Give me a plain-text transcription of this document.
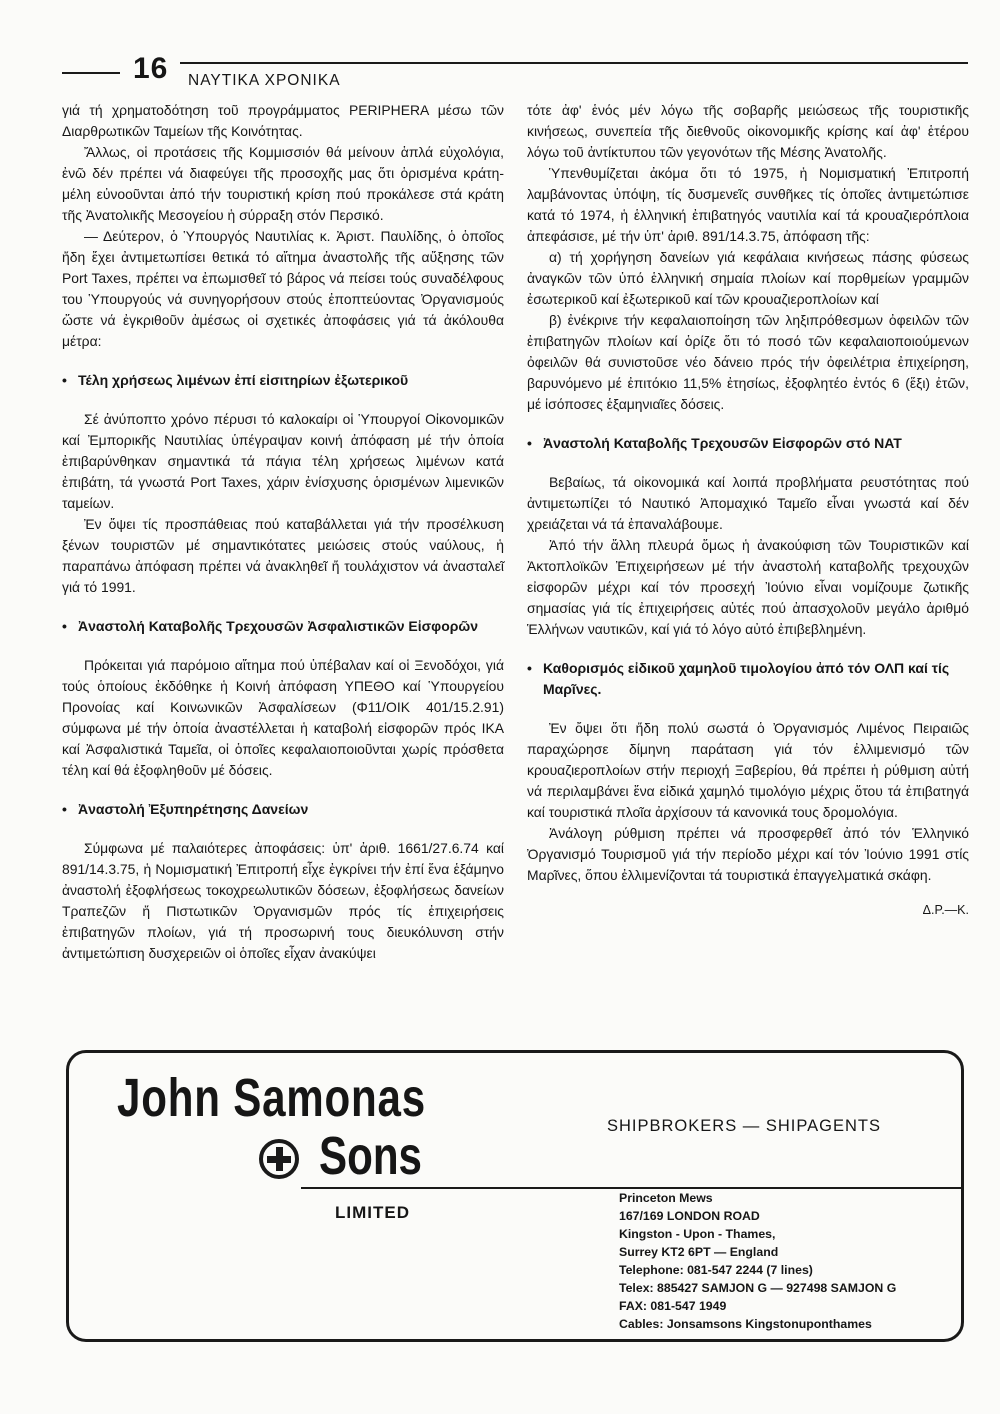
16 ΝΑΥΤΙΚΑ ΧΡΟΝΙΚΑ

γιά τή χρηματοδότηση τοῦ προγράμματος PERIPHERA μέσω τῶν Διαρθρωτικῶν Ταμείων τῆς Κοινότητας.

Ἄλλως, οἱ προτάσεις τῆς Κομμισσιόν θά μείνουν ἁπλά εὐχολόγια, ἐνῶ δέν πρέπει νά διαφεύγει τῆς προσοχῆς μας ὅτι ὁρισμένα κράτη-μέλη εὐνοοῦνται ἀπό τήν τουριστική κρίση πού προκάλεσε στά κράτη τῆς Ἀνατολικῆς Μεσογείου ἡ σύρραξη στόν Περσικό.

— Δεύτερον, ὁ Ὑπουργός Ναυτιλίας κ. Ἀριστ. Παυλίδης, ὁ ὁποῖος ἤδη ἔχει ἀντιμετωπίσει θετικά τό αἴτημα ἀναστολῆς τῆς αὔξησης τῶν Port Taxes, πρέπει να ἐπωμισθεῖ τό βάρος νά πείσει τούς συναδέλφους του Ὑπουργούς νά συνηγορήσουν στούς ἐποπτεύοντας Ὀργανισμούς ὥστε νά ἐγκριθοῦν ἀμέσως οἱ σχετικές ἀποφάσεις γιά τά ἀκόλουθα μέτρα:

• Τέλη χρήσεως λιμένων ἐπί εἰσιτηρίων ἐξωτερικοῦ

Σέ ἀνύποπτο χρόνο πέρυσι τό καλοκαίρι οἱ Ὑπουργοί Οἰκονομικῶν καί Ἐμπορικῆς Ναυτιλίας ὑπέγραψαν κοινή ἀπόφαση μέ τήν ὁποία ἐπιβαρύνθηκαν σημαντικά τά πάγια τέλη χρήσεως λιμένων κατά ἐπιβάτη, τά γνωστά Port Taxes, χάριν ἐνίσχυσης ὁρισμένων λιμενικῶν ταμείων.

Ἐν ὄψει τίς προσπάθειας πού καταβάλλεται γιά τήν προσέλκυση ξένων τουριστῶν μέ σημαντικότατες μειώσεις στούς ναύλους, ἡ παραπάνω ἀπόφαση πρέπει νά ἀνακληθεῖ ἤ τουλάχιστον νά ἀνασταλεῖ γιά τό 1991.

• Ἀναστολή Καταβολῆς Τρεχουσῶν Ἀσφαλιστικῶν Εἰσφορῶν

Πρόκειται γιά παρόμοιο αἴτημα πού ὑπέβαλαν καί οἱ Ξενοδόχοι, γιά τούς ὁποίους ἐκδόθηκε ἡ Κοινή ἀπόφαση ΥΠΕΘΟ καί Ὑπουργείου Προνοίας καί Κοινωνικῶν Ἀσφαλίσεων (Φ11/ΟΙΚ 401/15.2.91) σύμφωνα μέ τήν ὁποία ἀναστέλλεται ἡ καταβολή εἰσφορῶν πρός ΙΚΑ καί Ἀσφαλιστικά Ταμεῖα, οἱ ὁποῖες κεφαλαιοποιοῦνται χωρίς πρόσθετα τέλη καί θά ἐξοφληθοῦν μέ δόσεις.

• Ἀναστολή Ἐξυπηρέτησης Δανείων

Σύμφωνα μέ παλαιότερες ἀποφάσεις: ὑπ' ἀριθ. 1661/27.6.74 καί 891/14.3.75, ἡ Νομισματική Ἐπιτροπή εἶχε ἐγκρίνει τήν ἐπί ἕνα ἑξάμηνο ἀναστολή ἐξοφλήσεως τοκοχρεωλυτικῶν δόσεων, ἐξοφλήσεως δανείων Τραπεζῶν ἤ Πιστωτικῶν Ὀργανισμῶν πρός τίς ἐπιχειρήσεις ἐπιβατηγῶν πλοίων, γιά τή προσωρινή τους διευκόλυνση στήν ἀντιμετώπιση δυσχερειῶν οἱ ὁποῖες εἶχαν ἀνακύψει

τότε ἀφ' ἑνός μέν λόγω τῆς σοβαρῆς μειώσεως τῆς τουριστικῆς κινήσεως, συνεπεία τῆς διεθνοῦς οἰκονομικῆς κρίσης καί ἀφ' ἑτέρου λόγω τοῦ ἀντίκτυπου τῶν γεγονότων τῆς Μέσης Ἀνατολῆς.

Ὑπενθυμίζεται ἀκόμα ὅτι τό 1975, ἡ Νομισματική Ἐπιτροπή λαμβάνοντας ὑπόψη, τίς δυσμενεῖς συνθῆκες τίς ὁποῖες ἀντιμετώπισε κατά τό 1974, ἡ ἑλληνική ἐπιβατηγός ναυτιλία καί τά κρουαζιερόπλοια ἀπεφάσισε, μέ τήν ὑπ' ἀριθ. 891/14.3.75, ἀπόφαση τῆς:

α) τή χορήγηση δανείων γιά κεφάλαια κινήσεως πάσης φύσεως ἀναγκῶν τῶν ὑπό ἑλληνική σημαία πλοίων καί πορθμείων γραμμῶν ἐσωτερικοῦ καί ἐξωτερικοῦ καί τῶν κρουαζιεροπλοίων καί

β) ἐνέκρινε τήν κεφαλαιοποίηση τῶν ληξιπρόθεσμων ὀφειλῶν τῶν ἐπιβατηγῶν πλοίων καί ὁρίζε ὅτι τό ποσό τῶν κεφαλαιοποιούμενων ὀφειλῶν θά συνιστοῦσε νέο δάνειο πρός τήν ὀφειλέτρια ἐπιχείρηση, βαρυνόμενο μέ ἐπιτόκιο 11,5% ἐτησίως, ἐξοφλητέο ἐντός 6 (ἕξι) ἐτῶν, μέ ἰσόποσες ἑξαμηνιαῖες δόσεις.

• Ἀναστολή Καταβολῆς Τρεχουσῶν Εἰσφορῶν στό ΝΑΤ

Βεβαίως, τά οἰκονομικά καί λοιπά προβλήματα ρευστότητας πού ἀντιμετωπίζει τό Ναυτικό Ἀπομαχικό Ταμεῖο εἶναι γνωστά καί δέν χρειάζεται νά τά ἐπαναλάβουμε.

Ἀπό τήν ἄλλη πλευρά ὅμως ἡ ἀνακούφιση τῶν Τουριστικῶν καί Ἀκτοπλοϊκῶν Ἐπιχειρήσεων μέ τήν ἀναστολή καταβολῆς τρεχουχῶν εἰσφορῶν μέχρι καί τόν προσεχή Ἰούνιο εἶναι νομίζουμε ζωτικῆς σημασίας γιά τίς ἐπιχειρήσεις αὐτές πού ἀπασχολοῦν μεγάλο ἀριθμό Ἑλλήνων ναυτικῶν, καί γιά τό λόγο αὐτό ἐπιβεβλημένη.

• Καθορισμός εἰδικοῦ χαμηλοῦ τιμολογίου ἀπό τόν ΟΛΠ καί τίς Μαρῖνες.

Ἐν ὄψει ὅτι ἤδη πολύ σωστά ὁ Ὀργανισμός Λιμένος Πειραιῶς παραχώρησε δίμηνη παράταση γιά τόν ἐλλιμενισμό τῶν κρουαζιεροπλοίων στήν περιοχή Ξαβερίου, θά πρέπει ἡ ρύθμιση αὐτή νά περιλαμβάνει ἕνα εἰδικά χαμηλό τιμολόγιο μέχρις ὅτου τά ἐπιβατηγά καί τουριστικά πλοῖα ἀρχίσουν τά κανονικά τους δρομολόγια.

Ἀνάλογη ρύθμιση πρέπει νά προσφερθεῖ ἀπό τόν Ἑλληνικό Ὀργανισμό Τουρισμοῦ γιά τήν περίοδο μέχρι καί τόν Ἰούνιο 1991 στίς Μαρῖνες, ὅπου ἐλλιμενίζονται τά τουριστικά ἐπαγγελματικά σκάφη.

Δ.Ρ.—Κ.

John Samonas
Sons	SHIPBROKERS — SHIPAGENTS
LIMITED
Princeton Mews
167/169 LONDON ROAD
Kingston - Upon - Thames,
Surrey KT2 6PT — England
Telephone: 081-547 2244 (7 lines)
Telex: 885427 SAMJON G — 927498 SAMJON G
FAX: 081-547 1949
Cables: Jonsamsons Kingstonuponthames
